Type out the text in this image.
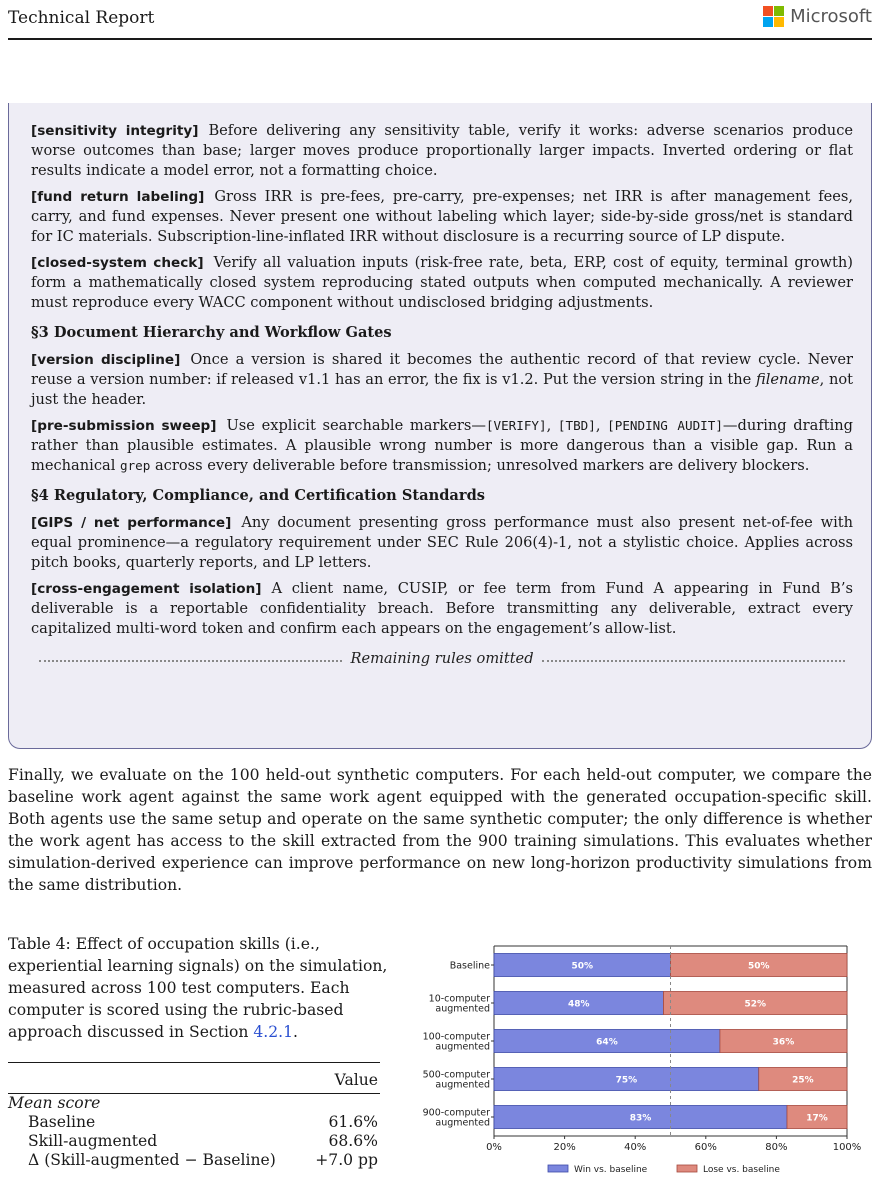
Technical Report	Microsoft

[sensitivity integrity] Before delivering any sensitivity table, verify it works: adverse scenarios produce worse outcomes than base; larger moves produce proportionally larger impacts. Inverted ordering or flat results indicate a model error, not a formatting choice.

[fund return labeling] Gross IRR is pre-fees, pre-carry, pre-expenses; net IRR is after management fees, carry, and fund expenses. Never present one without labeling which layer; side-by-side gross/net is standard for IC materials. Subscription-line-inflated IRR without disclosure is a recurring source of LP dispute.

[closed-system check] Verify all valuation inputs (risk-free rate, beta, ERP, cost of equity, terminal growth) form a mathematically closed system reproducing stated outputs when computed mechanically. A reviewer must reproduce every WACC component without undisclosed bridging adjustments.

§3 Document Hierarchy and Workflow Gates

[version discipline] Once a version is shared it becomes the authentic record of that review cycle. Never reuse a version number: if released v1.1 has an error, the fix is v1.2. Put the version string in the filename, not just the header.

[pre-submission sweep] Use explicit searchable markers—[VERIFY], [TBD], [PENDING AUDIT]—during drafting rather than plausible estimates. A plausible wrong number is more dangerous than a visible gap. Run a mechanical grep across every deliverable before transmission; unresolved markers are delivery blockers.

§4 Regulatory, Compliance, and Certification Standards

[GIPS / net performance] Any document presenting gross performance must also present net-of-fee with equal prominence—a regulatory requirement under SEC Rule 206(4)-1, not a stylistic choice. Applies across pitch books, quarterly reports, and LP letters.

[cross-engagement isolation] A client name, CUSIP, or fee term from Fund A appearing in Fund B’s deliverable is a reportable confidentiality breach. Before transmitting any deliverable, extract every capitalized multi-word token and confirm each appears on the engagement’s allow-list.

Remaining rules omitted
Finally, we evaluate on the 100 held-out synthetic computers. For each held-out computer, we compare the baseline work agent against the same work agent equipped with the generated occupation-specific skill. Both agents use the same setup and operate on the same synthetic computer; the only difference is whether the work agent has access to the skill extracted from the 900 training simulations. This evaluates whether simulation-derived experience can improve performance on new long-horizon productivity simulations from the same distribution.
Table 4: Effect of occupation skills (i.e., experiential learning signals) on the simulation, measured across 100 test computers. Each computer is scored using the rubric-based approach discussed in Section 4.2.1.
Value
Mean score
Baseline	61.6%
Skill-augmented	68.6%
Δ (Skill-augmented − Baseline)	+7.0 pp
50%	50%
Baseline
48%	52%
10-computer
augmented
64%	36%
100-computer
augmented
75%	25%
500-computer
augmented
83%	17%
900-computer
augmented
0%	20%	40%	60%	80%	100%
Win vs. baseline	Lose vs. baseline
